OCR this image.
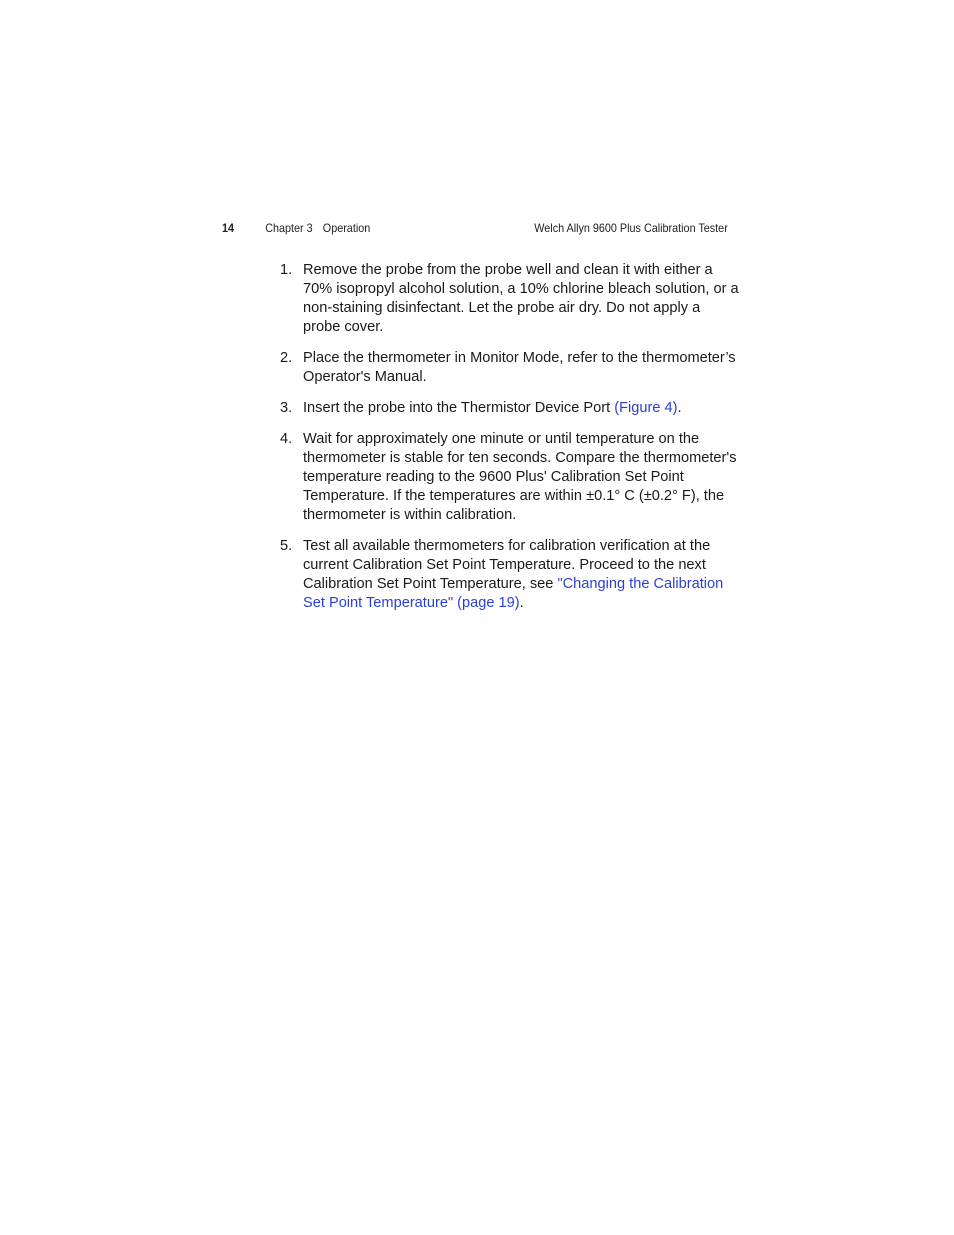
14	Chapter 3 Operation	Welch Allyn 9600 Plus Calibration Tester
1. Remove the probe from the probe well and clean it with either a 70% isopropyl alcohol solution, a 10% chlorine bleach solution, or a non-staining disinfectant. Let the probe air dry. Do not apply a probe cover.
2. Place the thermometer in Monitor Mode, refer to the thermometer’s Operator's Manual.
3. Insert the probe into the Thermistor Device Port (Figure 4).
4. Wait for approximately one minute or until temperature on the thermometer is stable for ten seconds. Compare the thermometer's temperature reading to the 9600 Plus' Calibration Set Point Temperature. If the temperatures are within ±0.1° C (±0.2° F), the thermometer is within calibration.
5. Test all available thermometers for calibration verification at the current Calibration Set Point Temperature. Proceed to the next Calibration Set Point Temperature, see "Changing the Calibration Set Point Temperature" (page 19).
